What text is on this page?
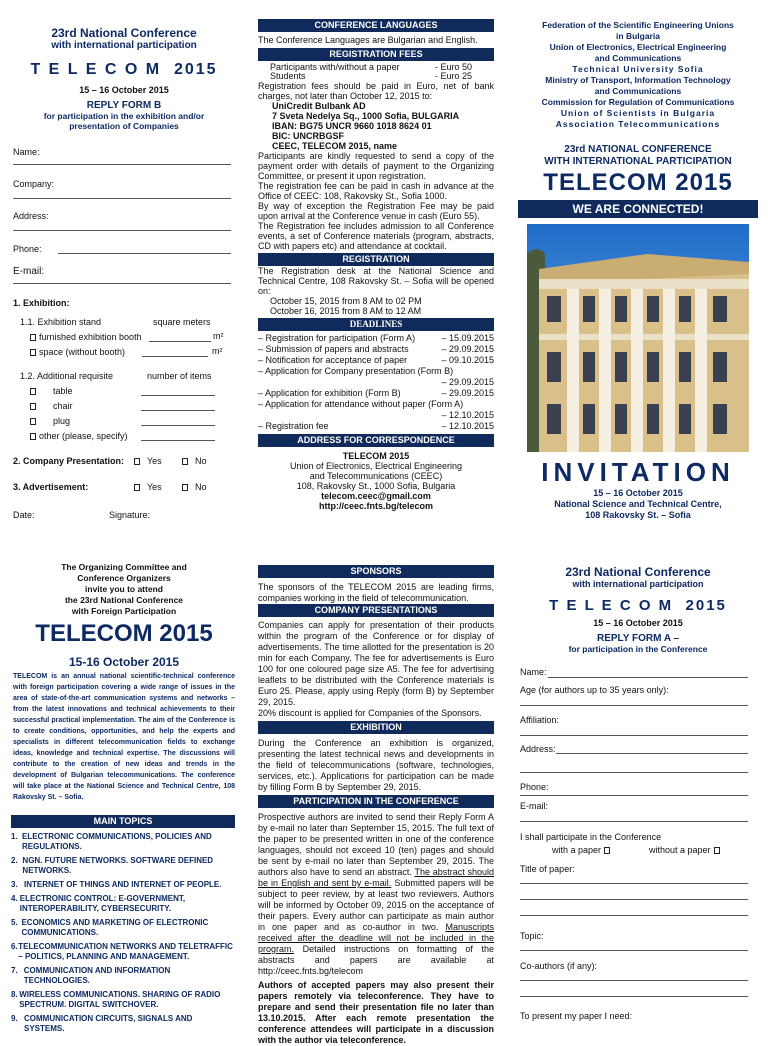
23rd National Conference
with international participation
T E L E C O M  2015
15 – 16 October 2015
REPLY FORM B
for participation in the exhibition and/or presentation of Companies
Name:
Company:
Address:
Phone:
E-mail:
1. Exhibition:
1.1. Exhibition stand	square meters
furnished exhibition booth	m²
space (without booth)	m²
1.2. Additional requisite	number of items
table
chair
plug
other (please, specify)
2. Company Presentation:	Yes	No
3. Advertisement:	Yes	No
Date:	Signature:
CONFERENCE LANGUAGES
The Conference Languages are Bulgarian and English.
REGISTRATION FEES
Participants with/without a paper	- Euro 50
Students	- Euro 25
Registration fees should be paid in Euro, net of bank charges, not later than October 12, 2015 to:
UniCredit Bulbank AD
7 Sveta Nedelya Sq., 1000 Sofia, BULGARIA
IBAN: BG75 UNCR 9660 1018 8624 01
BIC: UNCRBGSF
CEEC, TELECOM 2015, name
Participants are kindly requested to send a copy of the payment order with details of payment to the Organizing Committee, or present it upon registration.
The registration fee can be paid in cash in advance at the Office of CEEC: 108, Rakovsky St., Sofia 1000.
By way of exception the Registration Fee may be paid upon arrival at the Conference venue in cash (Euro 55).
The Registration fee includes admission to all Conference events, a set of Conference materials (program, abstracts, CD with papers etc) and attendance at cocktail.
REGISTRATION
The Registration desk at the National Science and Technical Centre, 108 Rakovsky St. – Sofia will be opened on:
October 15, 2015 from 8 AM to 02 PM
October 16, 2015 from 8 AM to 12 AM
DEADLINES
– Registration for participation (Form A)	– 15.09.2015
– Submission of papers and abstracts	– 29.09.2015
– Notification for acceptance of paper	– 09.10.2015
– Application for Company presentation (Form B)
– 29.09.2015
– Application for exhibition (Form B)	– 29.09.2015
– Application for attendance without paper (Form A)
– 12.10.2015
– Registration fee	– 12.10.2015
ADDRESS FOR CORRESPONDENCE
TELECOM 2015
Union of Electronics, Electrical Engineering
and Telecommunications (CEEC)
108, Rakovsky St., 1000 Sofia, Bulgaria
telecom.ceec@gmail.com
http://ceec.fnts.bg/telecom
Federation of the Scientific Engineering Unions
in Bulgaria
Union of Electronics, Electrical Engineering
and Communications
Technical University Sofia
Ministry of Transport, Information Technology
and Communications
Commission for Regulation of Communications
Union of Scientists in Bulgaria
Association Telecommunications
23rd NATIONAL CONFERENCE
WITH INTERNATIONAL PARTICIPATION
TELECOM 2015
WE ARE CONNECTED!
INVITATION
15 – 16 October 2015
National Science and Technical Centre,
108 Rakovsky St. – Sofia
The Organizing Committee and
Conference Organizers
invite you to attend
the 23rd National Conference
with Foreign Participation
TELECOM 2015
15-16 October 2015
TELECOM is an annual national scientific-technical conference with foreign participation covering a wide range of issues in the area of state-of-the-art communication systems and networks – from the latest innovations and technical achievements to their successful practical implementation. The aim of the Conference is to create conditions, opportunities, and help the experts and specialists in different telecommunication fields to exchange ideas, knowledge and technical expertise. The discussions will contribute to the creation of new ideas and trends in the development of Bulgarian telecommunications. The conference will take place at the National Science and Technical Centre, 108 Rakovsky St. – Sofia.
MAIN TOPICS
1. ELECTRONIC COMMUNICATIONS, POLICIES AND REGULATIONS.
2. NGN. FUTURE NETWORKS. SOFTWARE DEFINED NETWORKS.
3. INTERNET OF THINGS AND INTERNET OF PEOPLE.
4. ELECTRONIC CONTROL: E-GOVERNMENT, INTEROPERABILITY, CYBERSECURITY.
5. ECONOMICS AND MARKETING OF ELECTRONIC COMMUNICATIONS.
6. TELECOMMUNICATION NETWORKS AND TELETRAFFIC – POLITICS, PLANNING AND MANAGEMENT.
7. COMMUNICATION AND INFORMATION TECHNOLOGIES.
8. WIRELESS COMMUNICATIONS. SHARING OF RADIO SPECTRUM. DIGITAL SWITCHOVER.
9. COMMUNICATION CIRCUITS, SIGNALS AND SYSTEMS.
SPONSORS
The sponsors of the TELECOM 2015 are leading firms, companies working in the field of telecommunication.
COMPANY PRESENTATIONS
Companies can apply for presentation of their products within the program of the Conference or for display of advertisements. The time allotted for the presentation is 20 min for each Company. The fee for advertisements is Euro 100 for one coloured page size A5. The fee for advertising leaflets to be distributed with the Conference materials is Euro 25. Please, apply using Reply (form B) by September 29, 2015.
20% discount is applied for Companies of the Sponsors.
EXHIBITION
During the Conference an exhibition is organized, presenting the latest technical news and developments in the field of telecommunications (software, technologies, services, etc.). Applications for participation can be made by filling Form B by September 29, 2015.
PARTICIPATION IN THE CONFERENCE
Prospective authors are invited to send their Reply Form A by e-mail no later than September 15, 2015. The full text of the paper to be presented written in one of the conference languages, should not exceed 10 (ten) pages and should be sent by e-mail no later than September 29, 2015. The authors also have to send an abstract. The abstract should be in English and sent by e-mail. Submitted papers will be subject to peer review, by at least two reviewers. Authors will be informed by October 09, 2015 on the acceptance of their papers. Every author can participate as main author in one paper and as co-author in two. Manuscripts received after the deadline will not be included in the program. Detailed instructions on formatting of the abstracts and papers are available at http://ceec.fnts.bg/telecom
Authors of accepted papers may also present their papers remotely via teleconference. They have to prepare and send their presentation file no later than 13.10.2015. After each remote presentation the conference attendees will participate in a discussion with the author via teleconference.
23rd National Conference
with international participation
T E L E C O M  2015
15 – 16 October 2015
REPLY FORM A –
for participation in the Conference
Name:
Age (for authors up to 35 years only):
Affiliation:
Address:
Phone:
E-mail:
I shall participate in the Conference
with a paper	without a paper
Title of paper:
Topic:
Co-authors (if any):
To present my paper I need:
